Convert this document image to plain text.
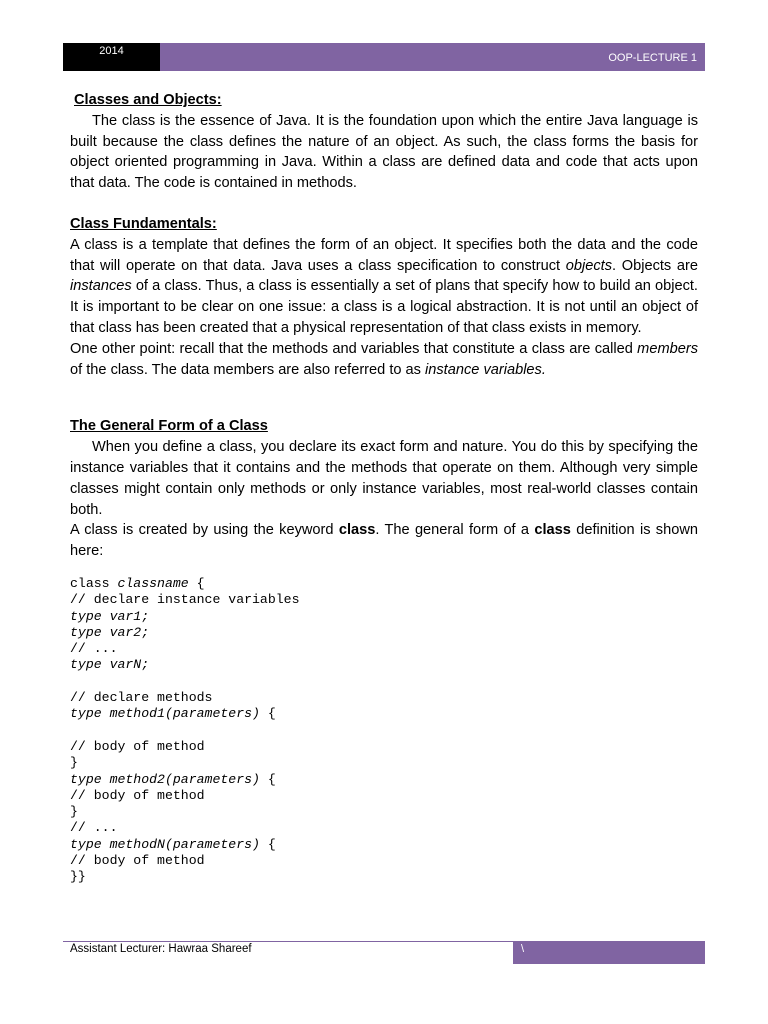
2014
OOP-LECTURE 1

Classes and Objects:

The class is the essence of Java. It is the foundation upon which the entire Java language is built because the class defines the nature of an object. As such, the class forms the basis for object oriented programming in Java. Within a class are defined data and code that acts upon that data. The code is contained in methods.

Class Fundamentals:

A class is a template that defines the form of an object. It specifies both the data and the code that will operate on that data. Java uses a class specification to construct objects. Objects are instances of a class. Thus, a class is essentially a set of plans that specify how to build an object. It is important to be clear on one issue: a class is a logical abstraction. It is not until an object of that class has been created that a physical representation of that class exists in memory.

One other point: recall that the methods and variables that constitute a class are called members of the class. The data members are also referred to as instance variables.

The General Form of a Class

When you define a class, you declare its exact form and nature. You do this by specifying the instance variables that it contains and the methods that operate on them. Although very simple classes might contain only methods or only instance variables, most real-world classes contain both.

A class is created by using the keyword class. The general form of a class definition is shown here:

class classname {
// declare instance variables
type var1;
type var2;
// ...
type varN;
// declare methods
type method1(parameters) {
// body of method
}
type method2(parameters) {
// body of method
}
// ...
type methodN(parameters) {
// body of method
}}
Assistant Lecturer: Hawraa Shareef	\
